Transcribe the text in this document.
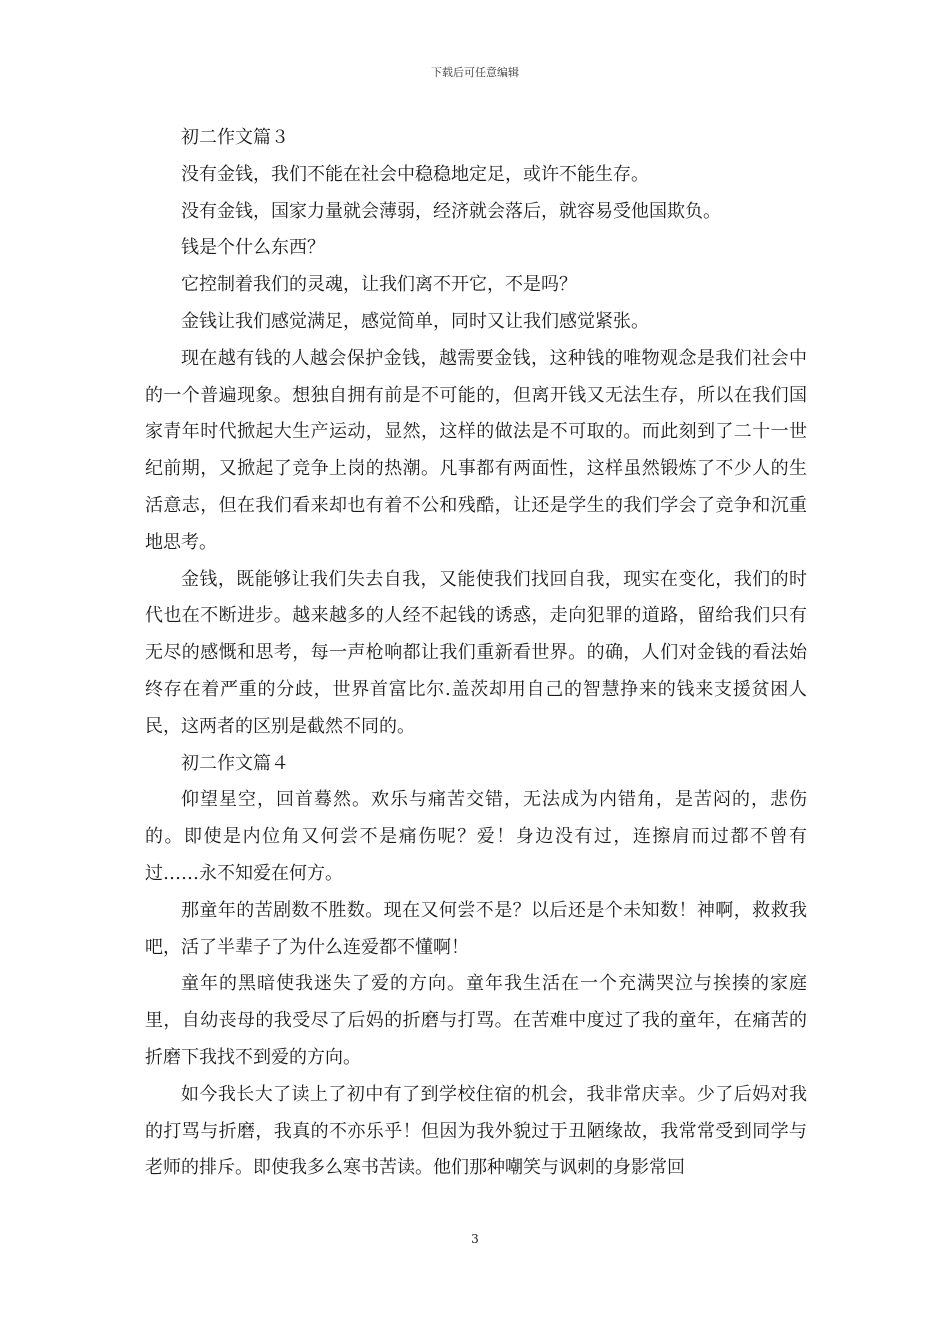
下载后可任意编辑

初二作文篇３

没有金钱，我们不能在社会中稳稳地定足，或许不能生存。

没有金钱，国家力量就会薄弱，经济就会落后，就容易受他国欺负。

钱是个什么东西？

它控制着我们的灵魂，让我们离不开它，不是吗？

金钱让我们感觉满足，感觉简单，同时又让我们感觉紧张。

现在越有钱的人越会保护金钱，越需要金钱，这种钱的唯物观念是我们社会中的一个普遍现象。想独自拥有前是不可能的，但离开钱又无法生存，所以在我们国家青年时代掀起大生产运动，显然，这样的做法是不可取的。而此刻到了二十一世纪前期，又掀起了竞争上岗的热潮。凡事都有两面性，这样虽然锻炼了不少人的生活意志，但在我们看来却也有着不公和残酷，让还是学生的我们学会了竞争和沉重地思考。

金钱，既能够让我们失去自我，又能使我们找回自我，现实在变化，我们的时代也在不断进步。越来越多的人经不起钱的诱惑，走向犯罪的道路，留给我们只有无尽的感慨和思考，每一声枪响都让我们重新看世界。的确，人们对金钱的看法始终存在着严重的分歧，世界首富比尔.盖茨却用自己的智慧挣来的钱来支援贫困人民，这两者的区别是截然不同的。

初二作文篇４

仰望星空，回首蓦然。欢乐与痛苦交错，无法成为内错角，是苦闷的，悲伤的。即使是内位角又何尝不是痛伤呢？爱！身边没有过，连擦肩而过都不曾有过……永不知爱在何方。

那童年的苦剧数不胜数。现在又何尝不是？以后还是个未知数！神啊，救救我吧，活了半辈子了为什么连爱都不懂啊！

童年的黑暗使我迷失了爱的方向。童年我生活在一个充满哭泣与挨揍的家庭里，自幼丧母的我受尽了后妈的折磨与打骂。在苦难中度过了我的童年，在痛苦的折磨下我找不到爱的方向。

如今我长大了读上了初中有了到学校住宿的机会，我非常庆幸。少了后妈对我的打骂与折磨，我真的不亦乐乎！但因为我外貌过于丑陋缘故，我常常受到同学与老师的排斥。即使我多么寒书苦读。他们那种嘲笑与讽刺的身影常回

3
